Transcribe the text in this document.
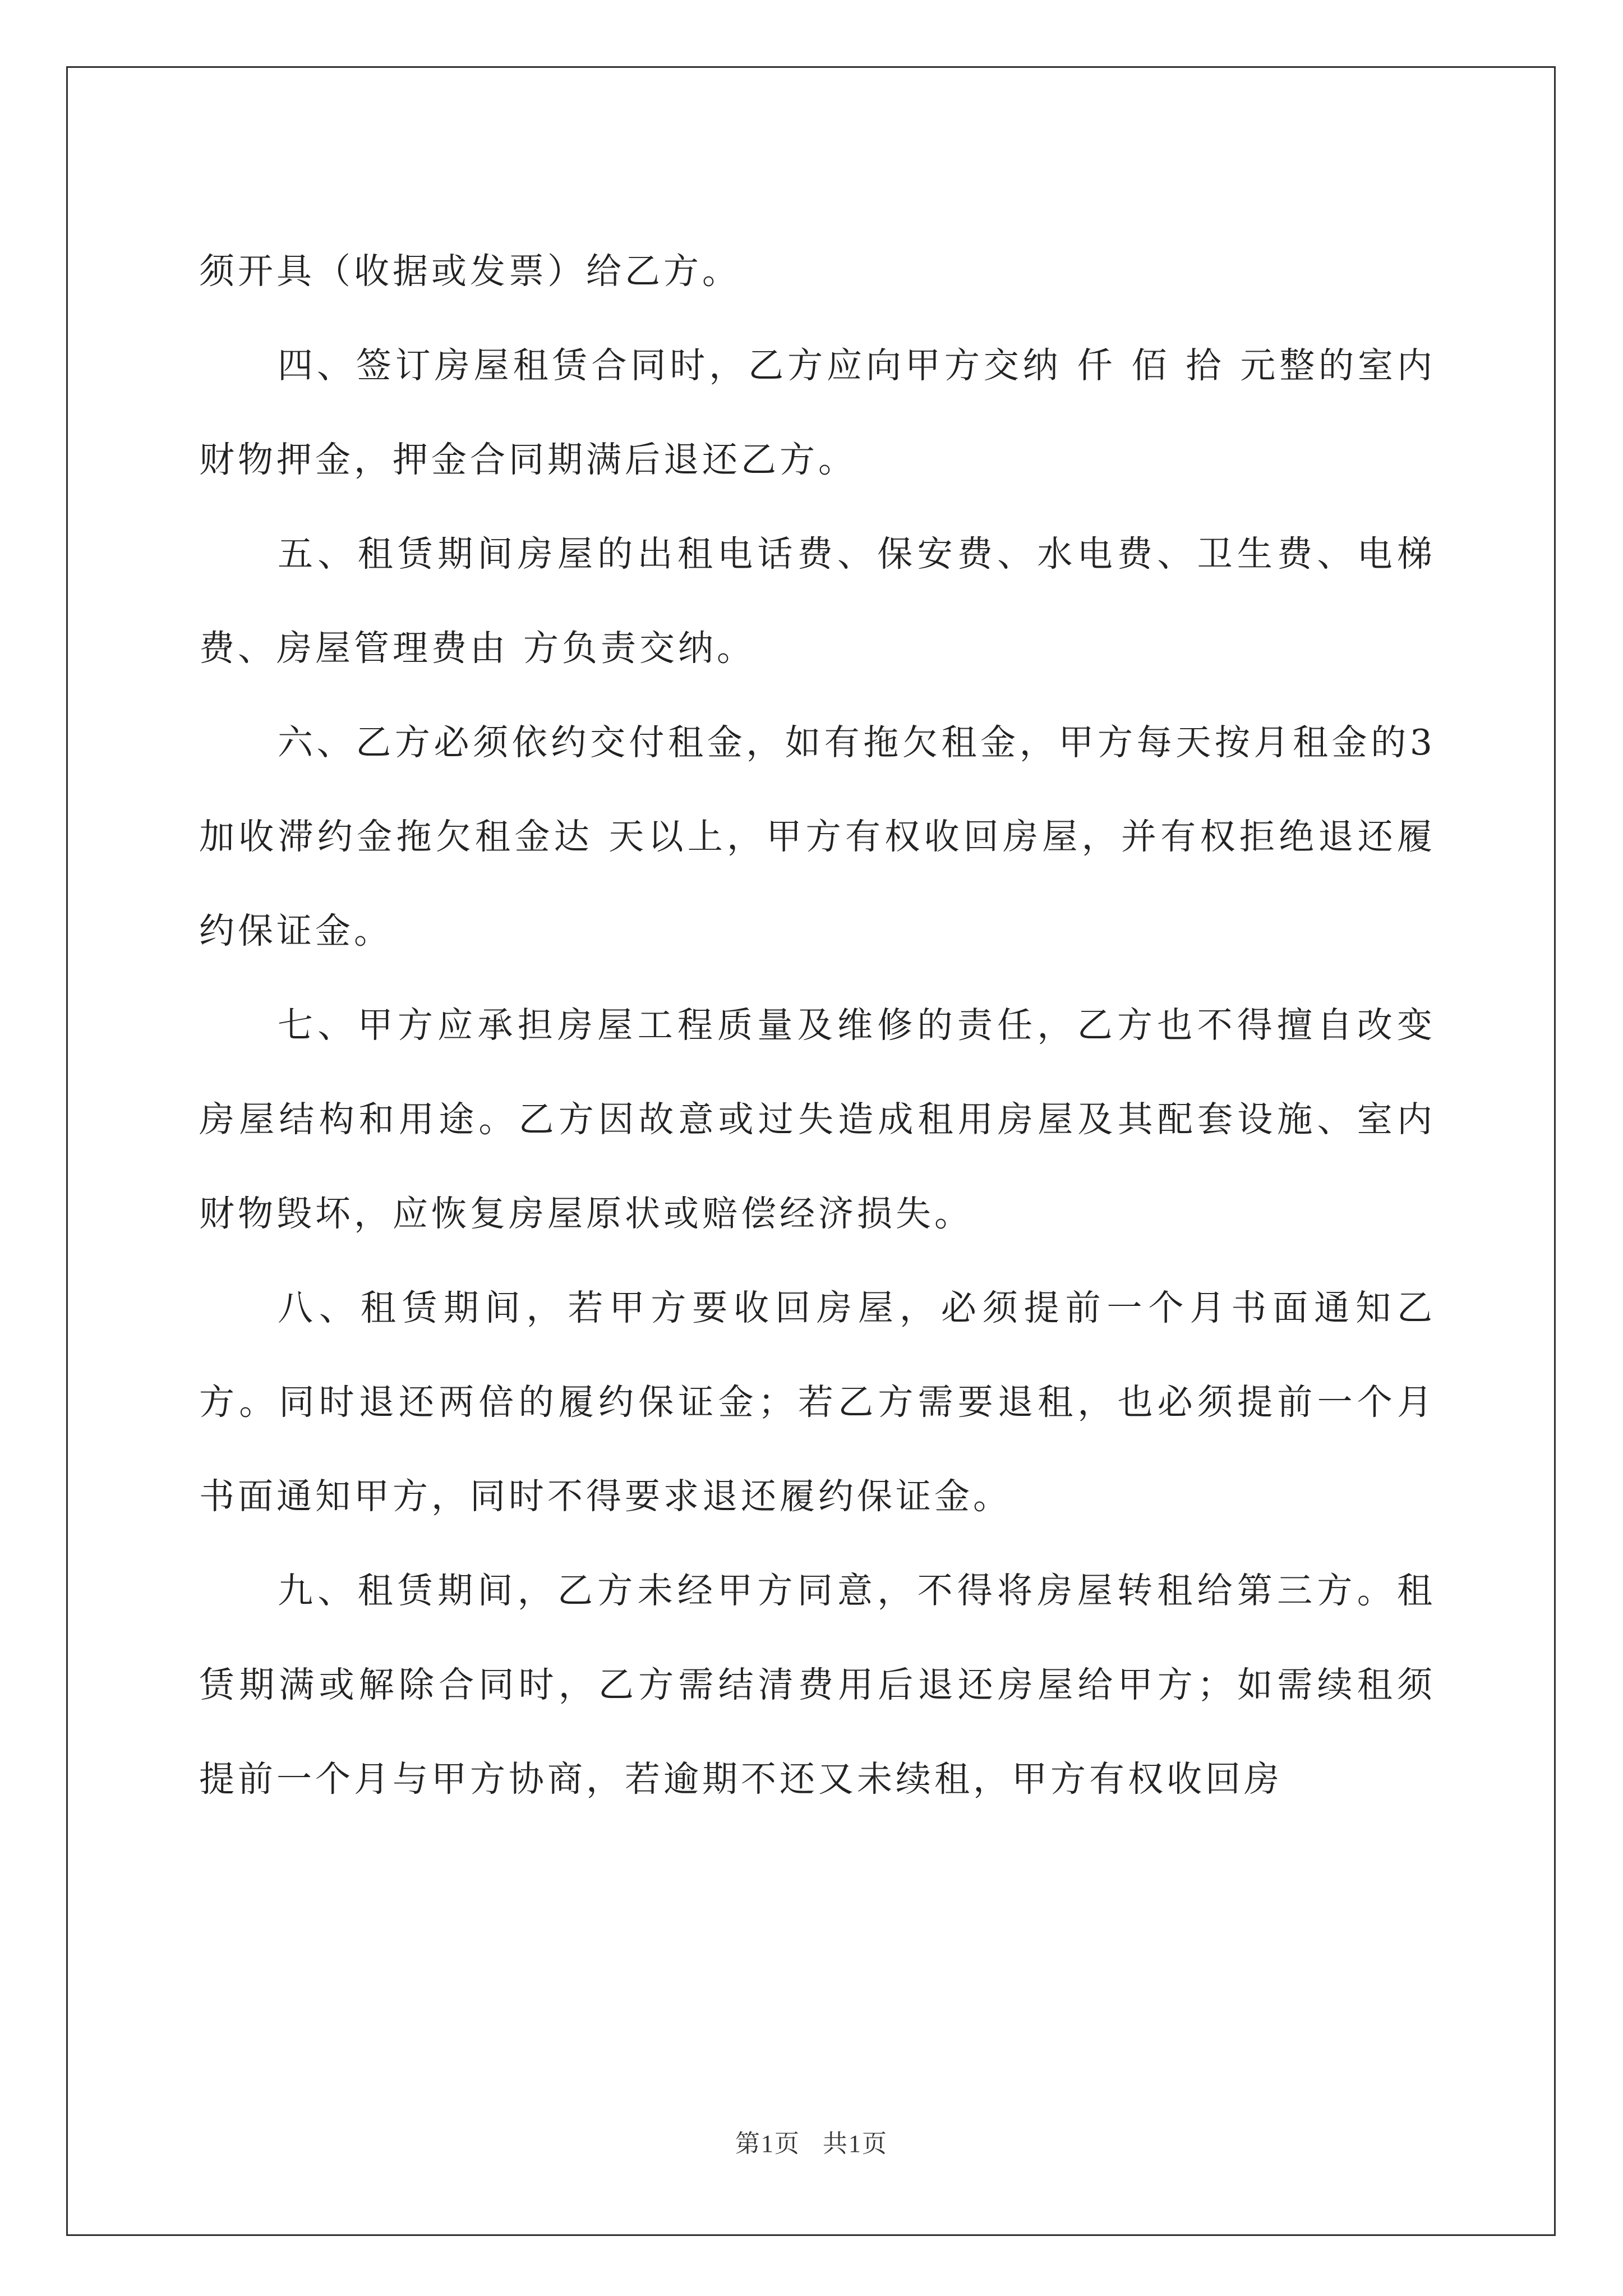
须开具（收据或发票）给乙方。

四、签订房屋租赁合同时，乙方应向甲方交纳 仟 佰 拾 元整的室内财物押金，押金合同期满后退还乙方。

五、租赁期间房屋的出租电话费、保安费、水电费、卫生费、电梯费、房屋管理费由 方负责交纳。

六、乙方必须依约交付租金，如有拖欠租金，甲方每天按月租金的3加收滞约金拖欠租金达 天以上，甲方有权收回房屋，并有权拒绝退还履约保证金。

七、甲方应承担房屋工程质量及维修的责任，乙方也不得擅自改变房屋结构和用途。乙方因故意或过失造成租用房屋及其配套设施、室内财物毁坏，应恢复房屋原状或赔偿经济损失。

八、租赁期间，若甲方要收回房屋，必须提前一个月书面通知乙方。同时退还两倍的履约保证金；若乙方需要退租，也必须提前一个月书面通知甲方，同时不得要求退还履约保证金。

九、租赁期间，乙方未经甲方同意，不得将房屋转租给第三方。租赁期满或解除合同时，乙方需结清费用后退还房屋给甲方；如需续租须提前一个月与甲方协商，若逾期不还又未续租，甲方有权收回房

第1页 共1页
